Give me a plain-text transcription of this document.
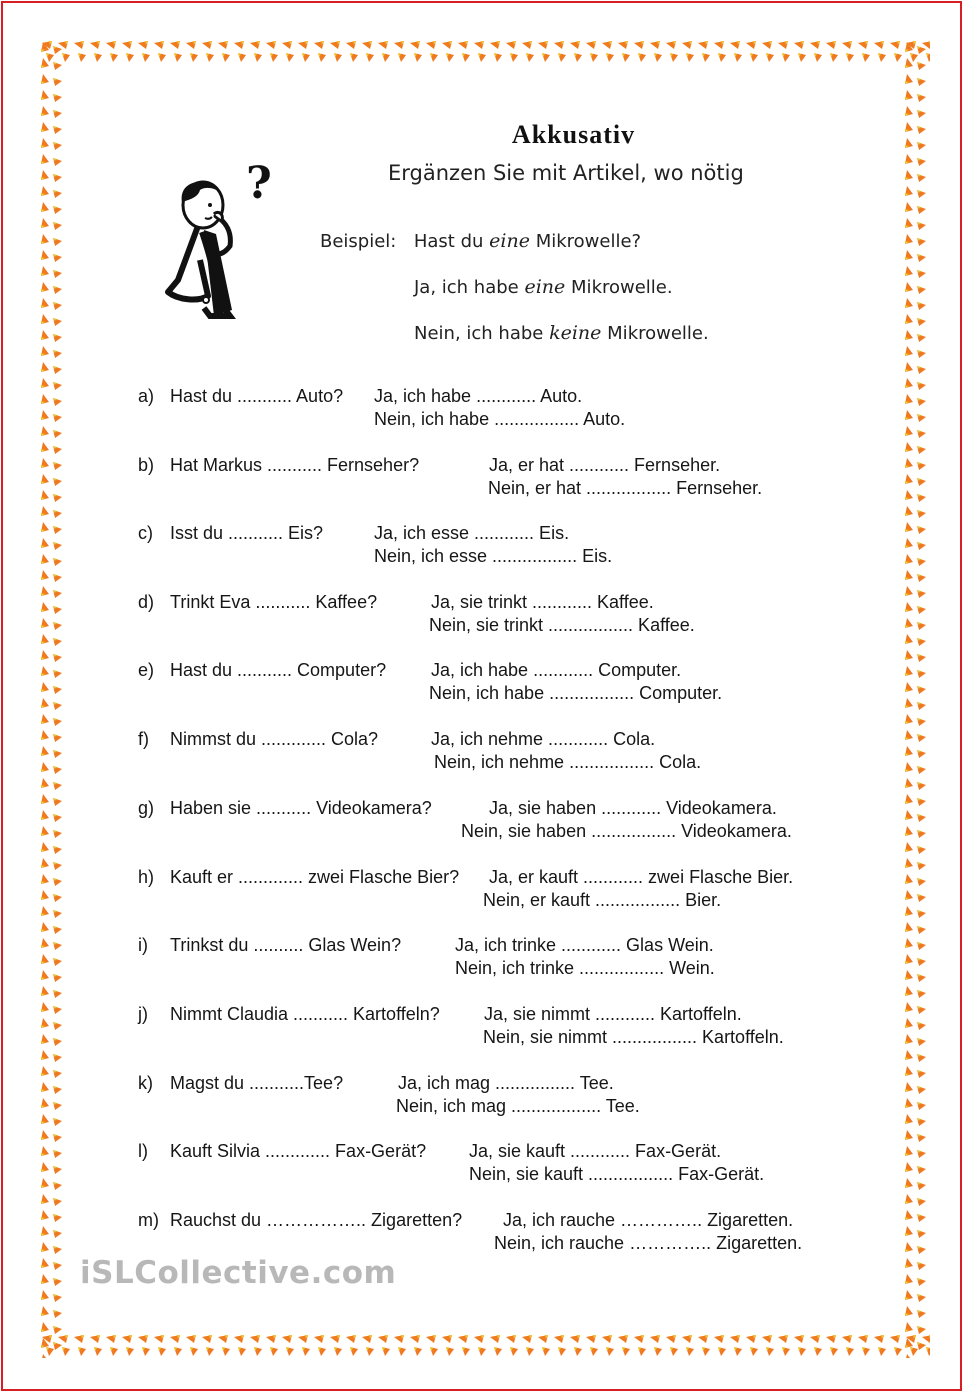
Akkusativ
Ergänzen Sie mit Artikel, wo nötig
?
Beispiel: Hast du eine Mikrowelle?
Ja, ich habe eine Mikrowelle.
Nein, ich habe keine Mikrowelle.
a) Hast du ........... Auto? Ja, ich habe ............ Auto.
Nein, ich habe ................. Auto.
b) Hat Markus ........... Fernseher?	Ja, er hat ............ Fernseher.
Nein, er hat ................. Fernseher.
c) Isst du ........... Eis?	Ja, ich esse ............ Eis.
Nein, ich esse ................. Eis.
d) Trinkt Eva ........... Kaffee?	Ja, sie trinkt ............ Kaffee.
Nein, sie trinkt ................. Kaffee.
e) Hast du ........... Computer? Ja, ich habe ............ Computer.
Nein, ich habe ................. Computer.
f) Nimmst du ............. Cola?	Ja, ich nehme ............ Cola.
Nein, ich nehme ................. Cola.
g) Haben sie ........... Videokamera?	Ja, sie haben ............ Videokamera.
Nein, sie haben ................. Videokamera.
h) Kauft er ............. zwei Flasche Bier? Ja, er kauft ............ zwei Flasche Bier.
Nein, er kauft ................. Bier.
i) Trinkst du .......... Glas Wein?	Ja, ich trinke ............ Glas Wein.
Nein, ich trinke ................. Wein.
j) Nimmt Claudia ........... Kartoffeln? Ja, sie nimmt ............ Kartoffeln.
Nein, sie nimmt ................. Kartoffeln.
k) Magst du ...........Tee?	Ja, ich mag ................ Tee.
Nein, ich mag .................. Tee.
l) Kauft Silvia ............. Fax-Gerät? Ja, sie kauft ............ Fax-Gerät.
Nein, sie kauft ................. Fax-Gerät.
m) Rauchst du …………….. Zigaretten? Ja, ich rauche ………….. Zigaretten.
Nein, ich rauche ………….. Zigaretten.
iSLCollective.com
